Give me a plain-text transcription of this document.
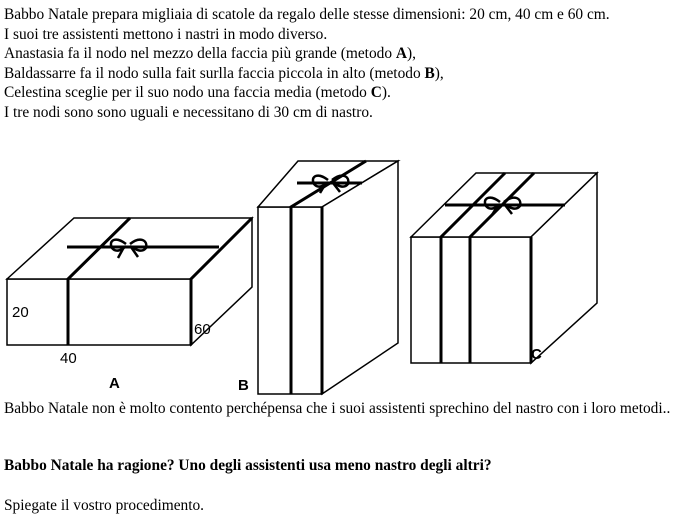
Babbo Natale prepara migliaia di scatole da regalo delle stesse dimensioni: 20 cm, 40 cm e 60 cm.

I suoi tre assistenti mettono i nastri in modo diverso.

Anastasia fa il nodo nel mezzo della faccia più grande (metodo A),

Baldassarre fa il nodo sulla fait surlla faccia piccola in alto (metodo B),

Celestina sceglie per il suo nodo una faccia media (metodo C).

I tre nodi sono sono uguali e necessitano di 30 cm di nastro.

20
40
60
A	B
C

Babbo Natale non è molto contento perchépensa che i suoi assistenti sprechino del nastro con i loro metodi..

Babbo Natale ha ragione? Uno degli assistenti usa meno nastro degli altri?

Spiegate il vostro procedimento.
